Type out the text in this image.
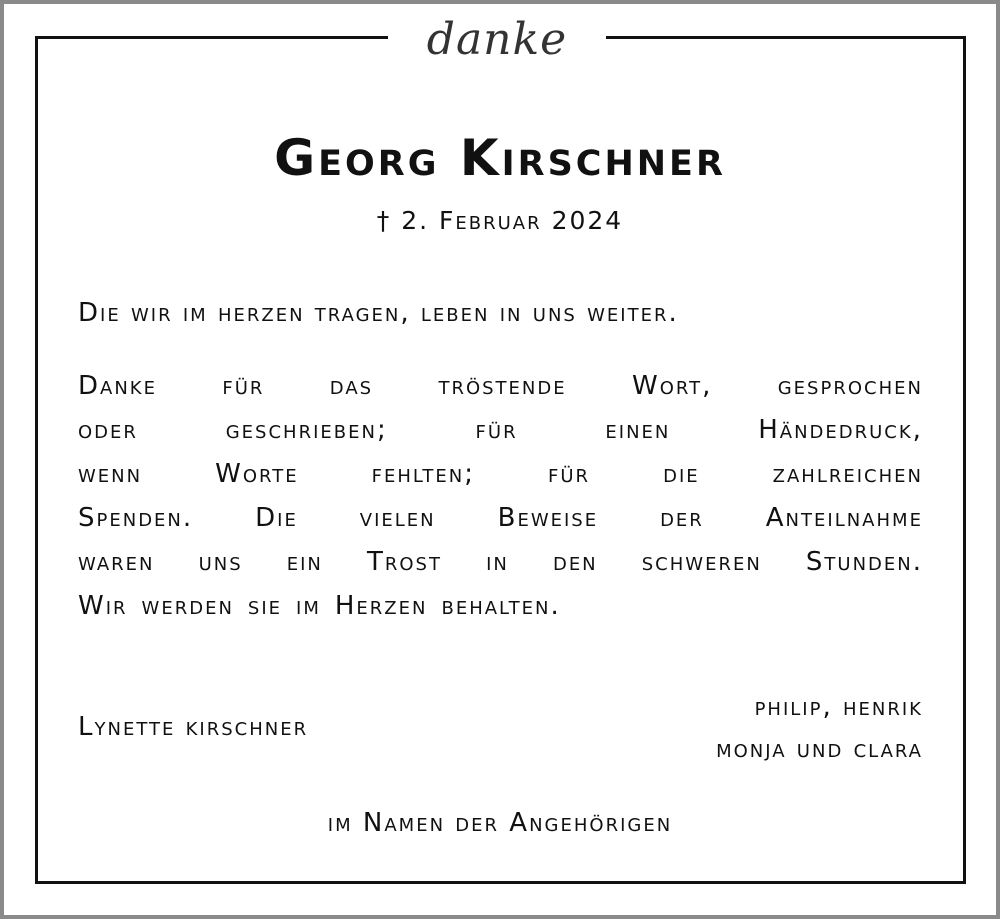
danke
Georg Kirschner
† 2. Februar 2024
Die wir im herzen tragen, leben in uns weiter.
Danke	für	das	tröstende	Wort,	gesprochen
oder	geschrieben;	für	einen	Händedruck,
wenn	Worte	fehlten;	für	die	zahlreichen
Spenden. Die vielen Beweise der Anteilnahme
waren uns ein Trost in den schweren Stunden.
Wir werden sie im Herzen behalten.
Lynette kirschner
philip, henrik
monja und clara
im Namen der Angehörigen
